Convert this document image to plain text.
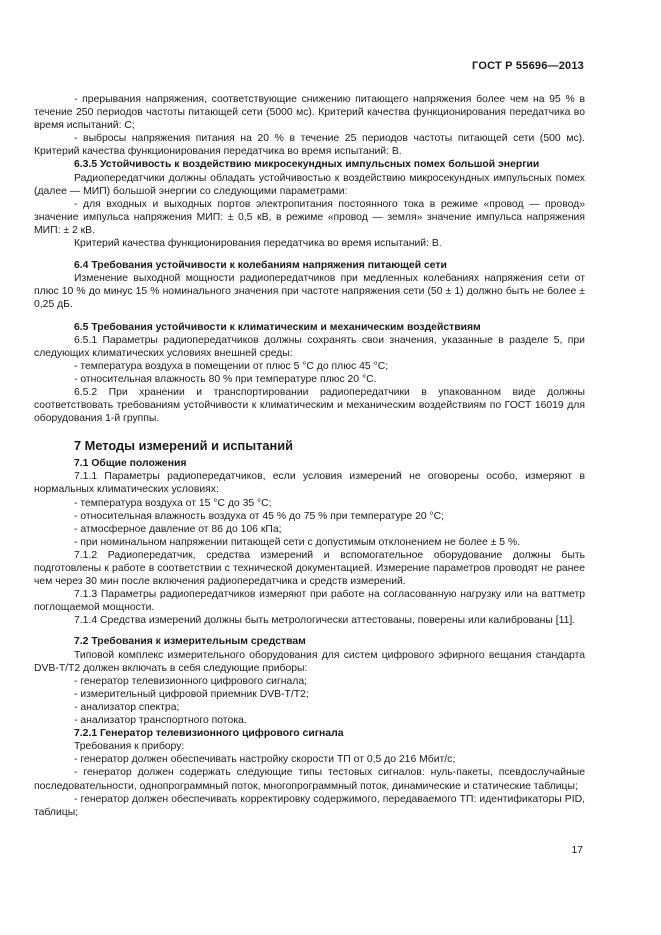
ГОСТ Р 55696—2013

- прерывания напряжения, соответствующие снижению питающего напряжения более чем на 95 % в течение 250 периодов частоты питающей сети (5000 мс). Критерий качества функционирования передатчика во время испытаний: С;

- выбросы напряжения питания на 20 % в течение 25 периодов частоты питающей сети (500 мс). Критерий качества функционирования передатчика во время испытаний: В.

6.3.5 Устойчивость к воздействию микросекундных импульсных помех большой энергии

Радиопередатчики должны обладать устойчивостью к воздействию микросекундных импульсных помех (далее — МИП) большой энергии со следующими параметрами:

- для входных и выходных портов электропитания постоянного тока в режиме «провод — провод» значение импульса напряжения МИП: ± 0,5 кВ, в режиме «провод — земля» значение импульса напряжения МИП: ± 2 кВ.

Критерий качества функционирования передатчика во время испытаний: В.

6.4 Требования устойчивости к колебаниям напряжения питающей сети

Изменение выходной мощности радиопередатчиков при медленных колебаниях напряжения сети от плюс 10 % до минус 15 % номинального значения при частоте напряжения сети (50 ± 1) должно быть не более ± 0,25 дБ.

6.5 Требования устойчивости к климатическим и механическим воздействиям

6.5.1 Параметры радиопередатчиков должны сохранять свои значения, указанные в разделе 5, при следующих климатических условиях внешней среды:

- температура воздуха в помещении от плюс 5 °С до плюс 45 °С;

- относительная влажность 80 % при температуре плюс 20 °С.

6.5.2 При хранении и транспортировании радиопередатчики в упакованном виде должны соответствовать требованиям устойчивости к климатическим и механическим воздействиям по ГОСТ 16019 для оборудования 1-й группы.

7 Методы измерений и испытаний

7.1 Общие положения

7.1.1 Параметры радиопередатчиков, если условия измерений не оговорены особо, измеряют в нормальных климатических условиях:

- температура воздуха от 15 °С до 35 °С;

- относительная влажность воздуха от 45 % до 75 % при температуре 20 °С;

- атмосферное давление от 86 до 106 кПа;

- при номинальном напряжении питающей сети с допустимым отклонением не более ± 5 %.

7.1.2 Радиопередатчик, средства измерений и вспомогательное оборудование должны быть подготовлены к работе в соответствии с технической документацией. Измерение параметров проводят не ранее чем через 30 мин после включения радиопередатчика и средств измерений.

7.1.3 Параметры радиопередатчиков измеряют при работе на согласованную нагрузку или на ваттметр поглощаемой мощности.

7.1.4 Средства измерений должны быть метрологически аттестованы, поверены или калиброваны [11].

7.2 Требования к измерительным средствам

Типовой комплекс измерительного оборудования для систем цифрового эфирного вещания стандарта DVB-T/T2 должен включать в себя следующие приборы:

- генератор телевизионного цифрового сигнала;

- измерительный цифровой приемник DVB-T/T2;

- анализатор спектра;

- анализатор транспортного потока.

7.2.1 Генератор телевизионного цифрового сигнала

Требования к прибору:

- генератор должен обеспечивать настройку скорости ТП от 0,5 до 216 Мбит/с;

- генератор должен содержать следующие типы тестовых сигналов: нуль-пакеты, псевдослучайные последовательности, однопрограммный поток, многопрограммный поток, динамические и статические таблицы;

- генератор должен обеспечивать корректировку содержимого, передаваемого ТП: идентификаторы PID, таблицы;

17
